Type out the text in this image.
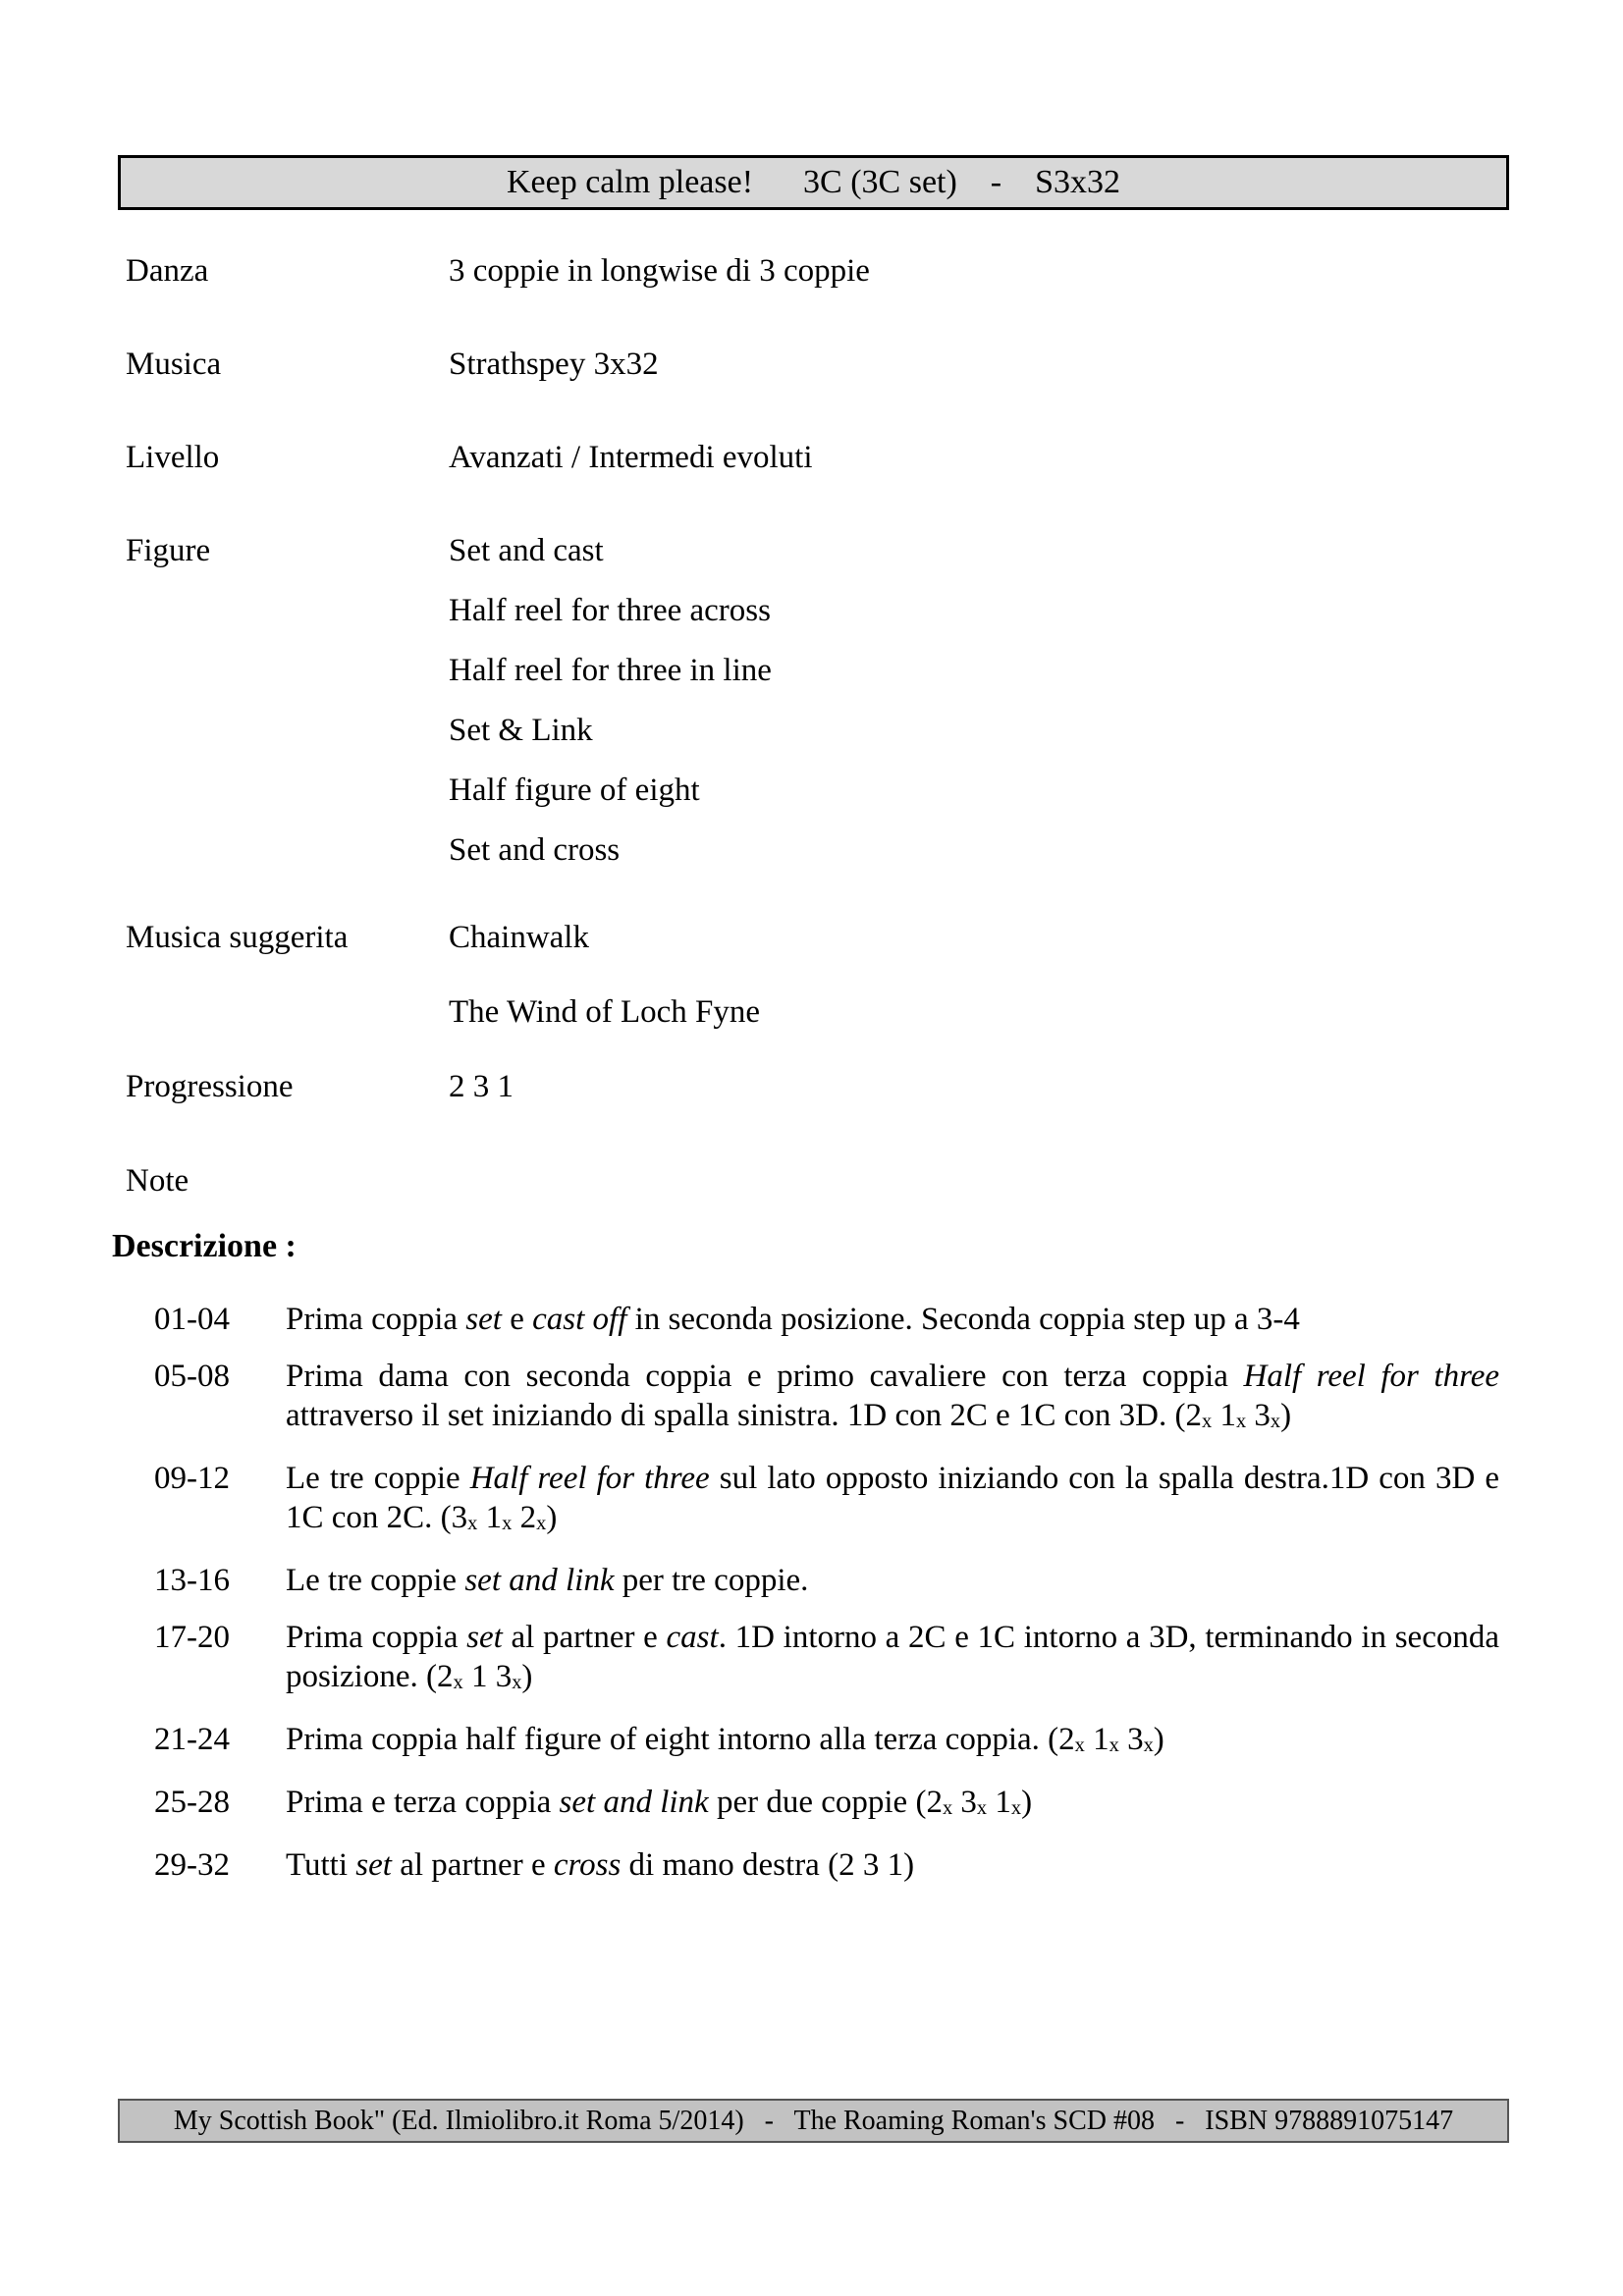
Keep calm please!      3C (3C set)    -    S3x32
Danza	3 coppie in longwise di 3 coppie
Musica	Strathspey 3x32
Livello	Avanzati / Intermedi evoluti
Figure	Set and cast
Half reel for three across
Half reel for three in line
Set & Link
Half figure of eight
Set and cross
Musica suggerita	Chainwalk
The Wind of Loch Fyne
Progressione	2 3 1
Note
Descrizione :
01-04	Prima coppia set e cast off in seconda posizione. Seconda coppia step up a 3-4
05-08	Prima dama con seconda coppia e primo cavaliere con terza coppia Half reel for three attraverso il set iniziando di spalla sinistra. 1D con 2C e 1C con 3D. (2x 1x 3x)
09-12	Le tre coppie Half reel for three sul lato opposto iniziando con la spalla destra.1D con 3D e 1C con 2C. (3x 1x 2x)
13-16	Le tre coppie set and link per tre coppie.
17-20	Prima coppia set al partner e cast. 1D intorno a 2C e 1C intorno a 3D, terminando in seconda posizione. (2x 1 3x)
21-24	Prima coppia half figure of eight intorno alla terza coppia. (2x 1x 3x)
25-28	Prima e terza coppia set and link per due coppie (2x 3x 1x)
29-32	Tutti set al partner e cross di mano destra (2 3 1)
My Scottish Book" (Ed. Ilmiolibro.it Roma 5/2014)   -   The Roaming Roman's SCD #08   -   ISBN 9788891075147
